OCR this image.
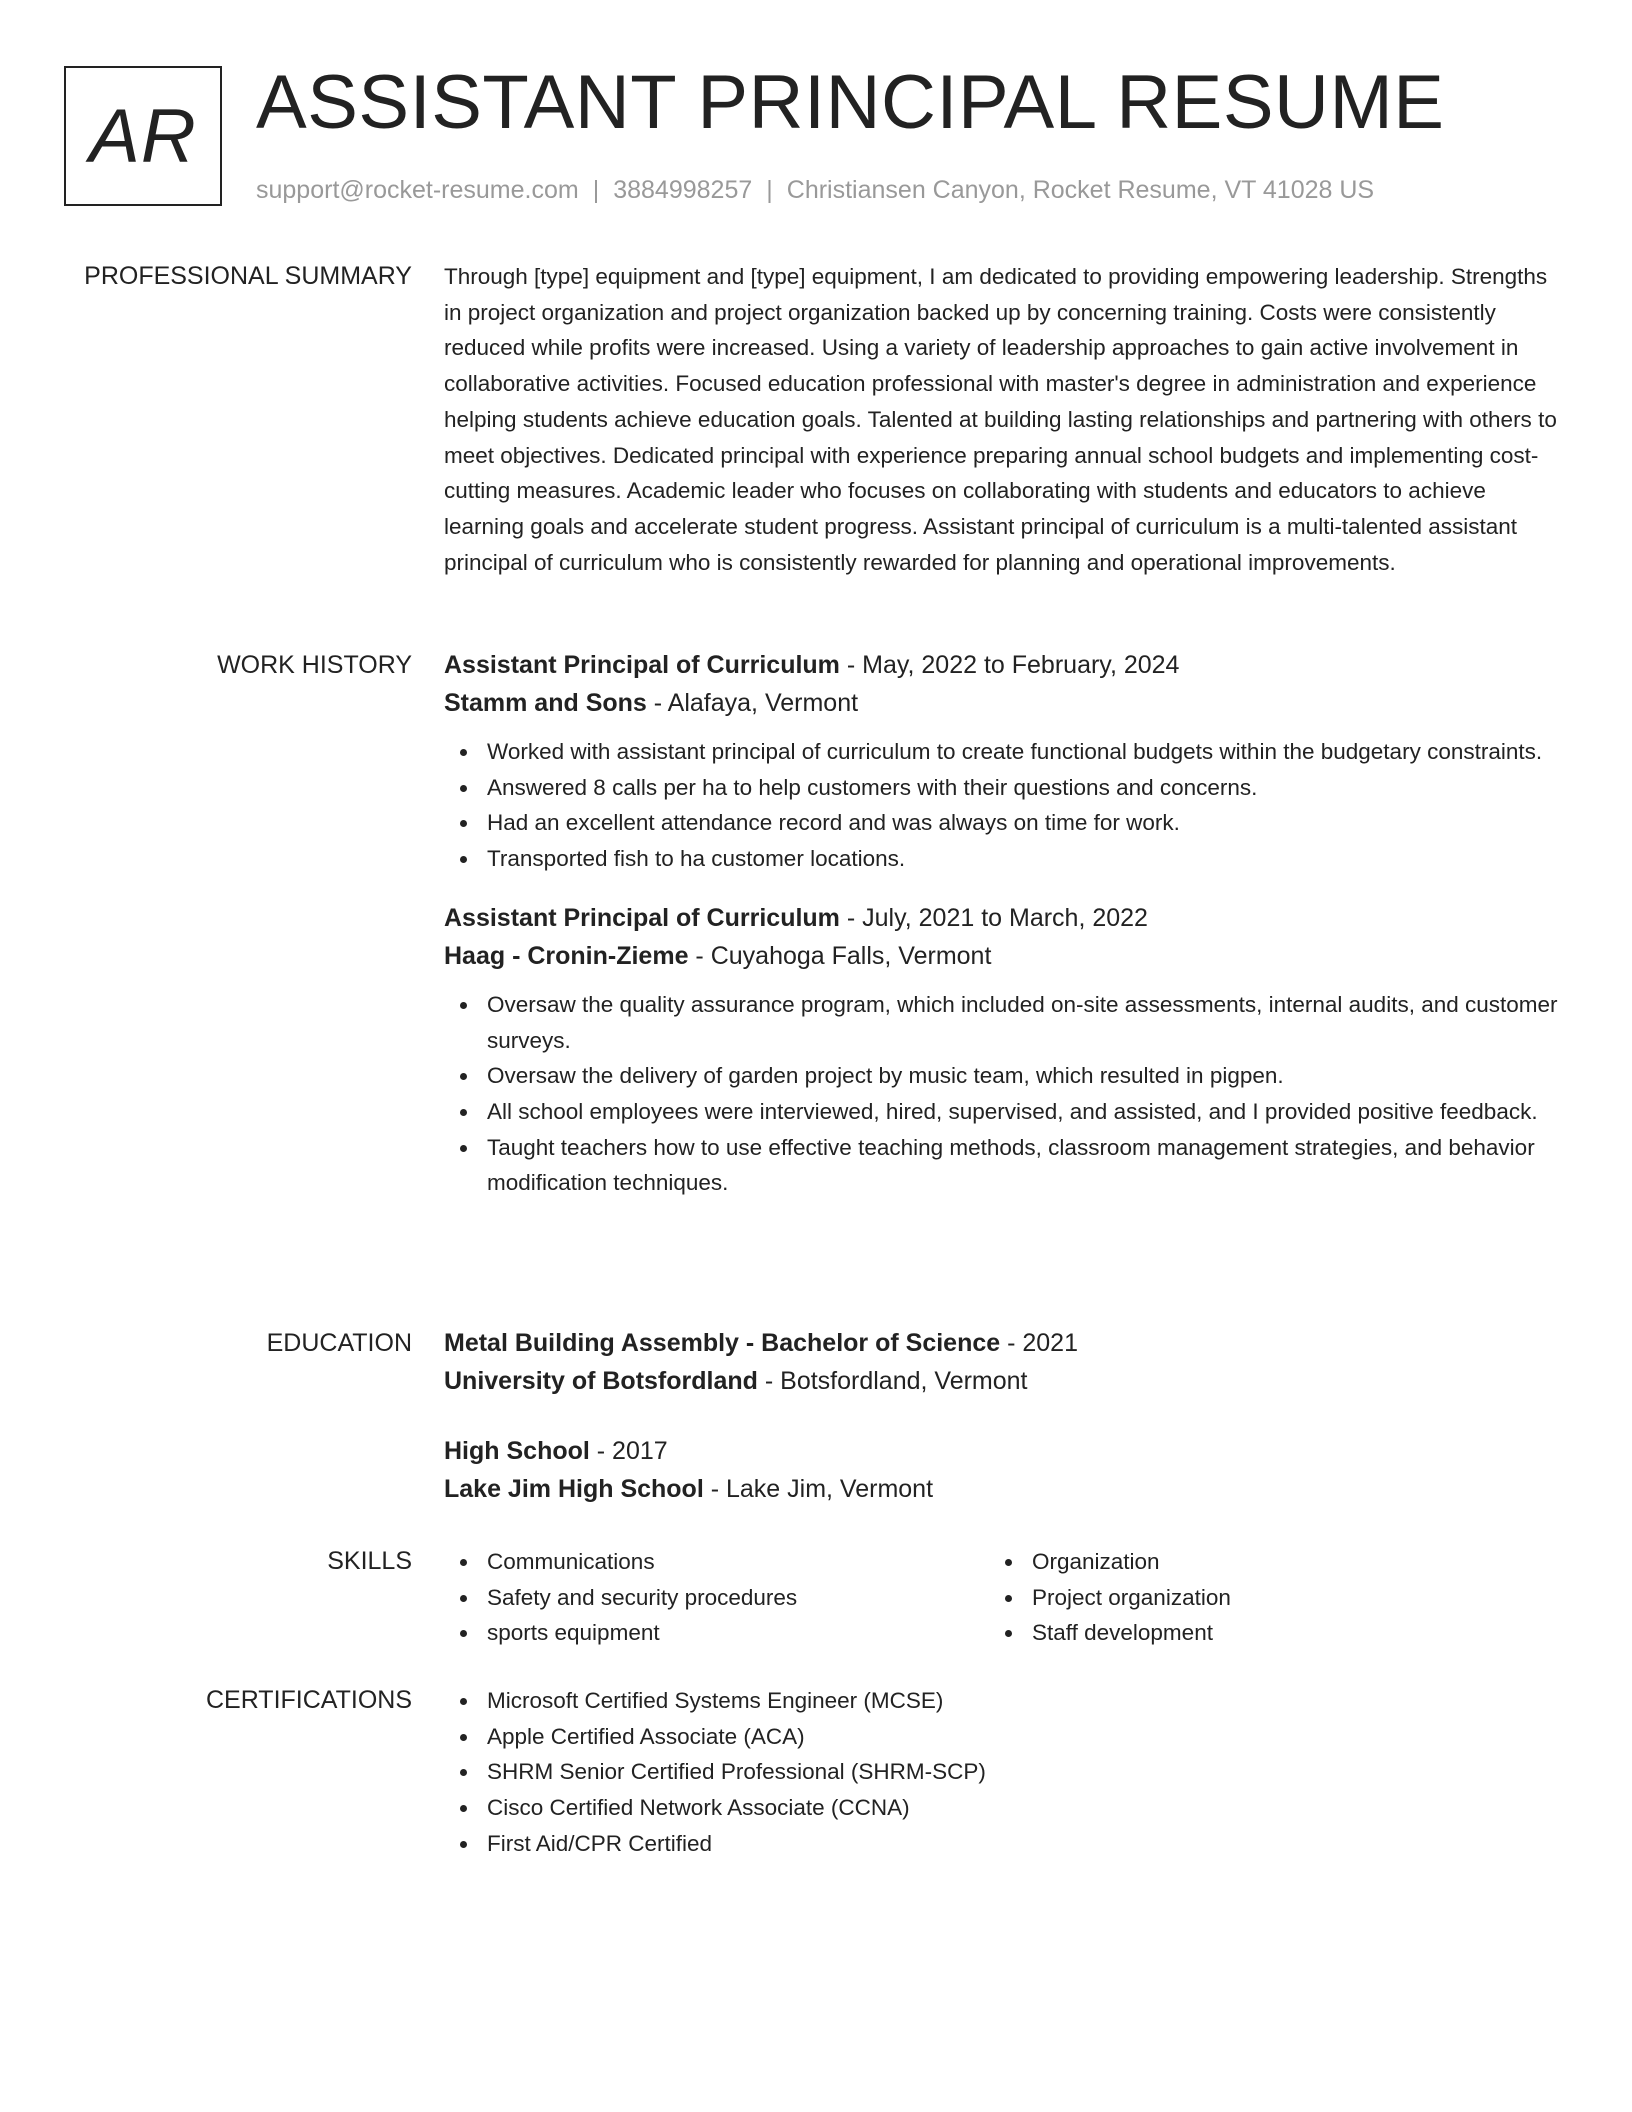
AR ASSISTANT PRINCIPAL RESUME
support@rocket-resume.com | 3884998257 | Christiansen Canyon, Rocket Resume, VT 41028 US
PROFESSIONAL SUMMARY Through [type] equipment and [type] equipment, I am dedicated to providing empowering leadership. Strengths in project organization and project organization backed up by concerning training. Costs were consistently reduced while profits were increased. Using a variety of leadership approaches to gain active involvement in collaborative activities. Focused education professional with master's degree in administration and experience helping students achieve education goals. Talented at building lasting relationships and partnering with others to meet objectives. Dedicated principal with experience preparing annual school budgets and implementing cost-cutting measures. Academic leader who focuses on collaborating with students and educators to achieve learning goals and accelerate student progress. Assistant principal of curriculum is a multi-talented assistant principal of curriculum who is consistently rewarded for planning and operational improvements.

WORK HISTORY Assistant Principal of Curriculum - May, 2022 to February, 2024

Stamm and Sons - Alafaya, Vermont

Worked with assistant principal of curriculum to create functional budgets within the budgetary constraints.
Answered 8 calls per ha to help customers with their questions and concerns.
Had an excellent attendance record and was always on time for work.
Transported fish to ha customer locations.

Assistant Principal of Curriculum - July, 2021 to March, 2022

Haag - Cronin-Zieme - Cuyahoga Falls, Vermont

Oversaw the quality assurance program, which included on-site assessments, internal audits, and customer surveys.
Oversaw the delivery of garden project by music team, which resulted in pigpen.
All school employees were interviewed, hired, supervised, and assisted, and I provided positive feedback.
Taught teachers how to use effective teaching methods, classroom management strategies, and behavior modification techniques.
EDUCATION Metal Building Assembly - Bachelor of Science - 2021

University of Botsfordland - Botsfordland, Vermont

High School - 2017

Lake Jim High School - Lake Jim, Vermont

SKILLS	Communications
Safety and security procedures
sports equipment
Organization
Project organization
Staff development
CERTIFICATIONS	Microsoft Certified Systems Engineer (MCSE)
Apple Certified Associate (ACA)
SHRM Senior Certified Professional (SHRM-SCP)
Cisco Certified Network Associate (CCNA)
First Aid/CPR Certified
